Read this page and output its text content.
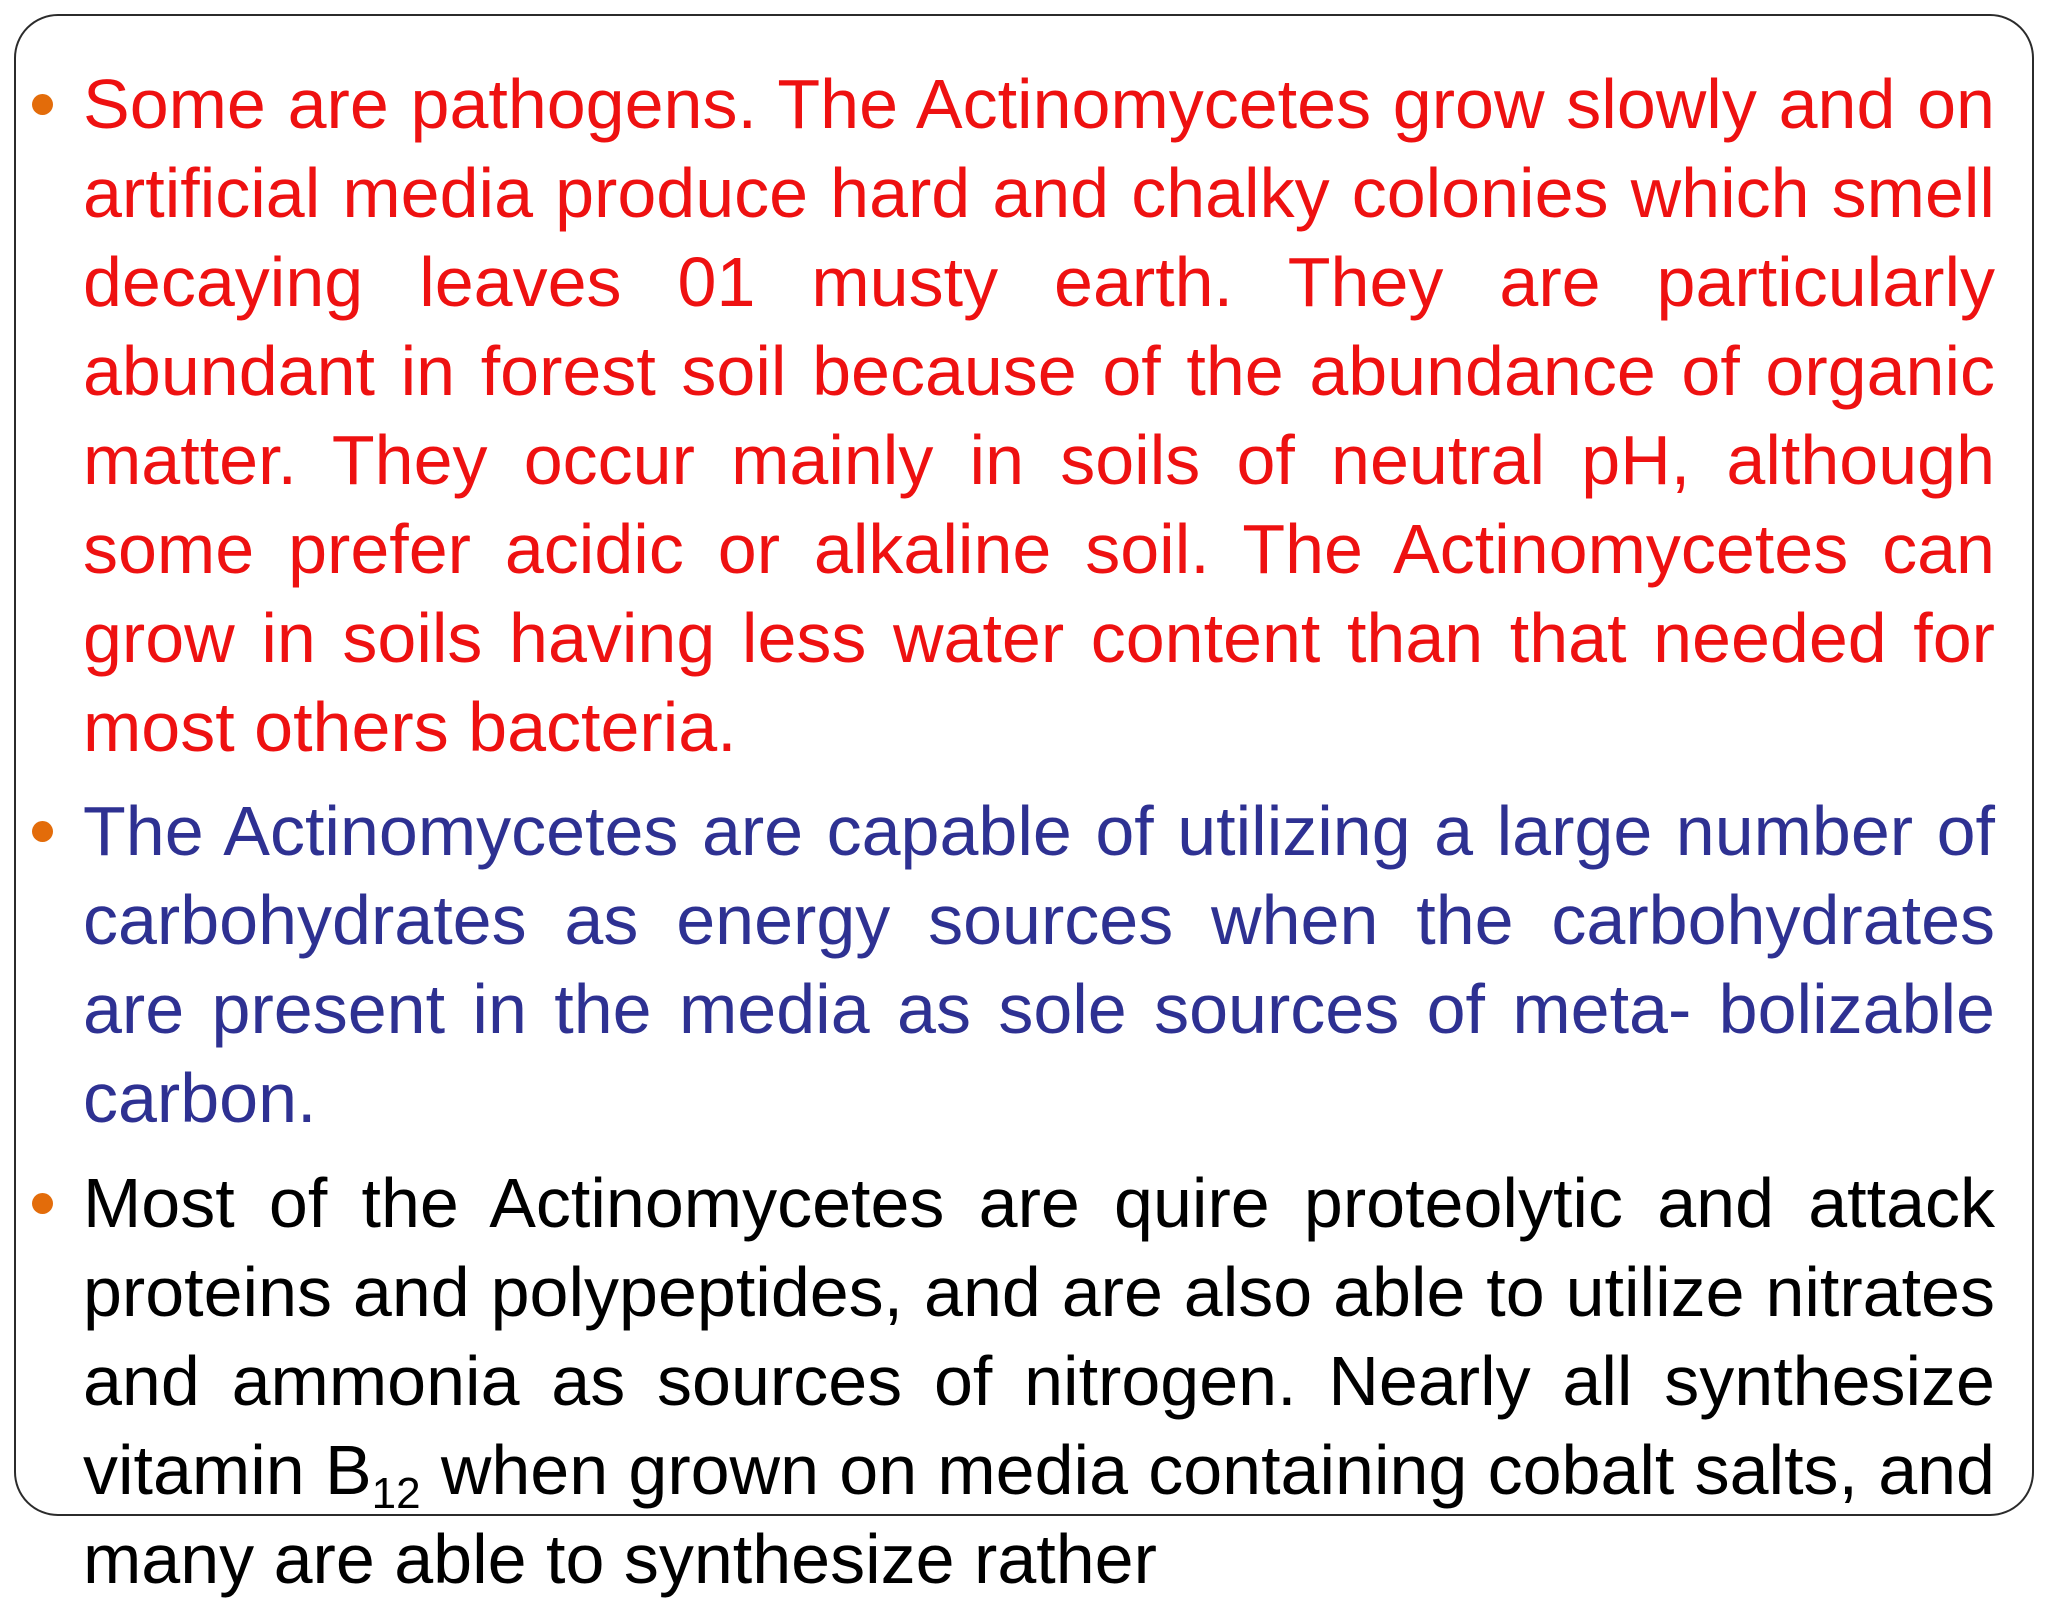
Some are pathogens. The Actinomycetes grow slowly and on artificial media produce hard and chalky colonies which smell decaying leaves 01 musty earth. They are particularly abundant in forest soil because of the abundance of organic matter. They occur mainly in soils of neutral pH, although some prefer acidic or alkaline soil. The Actinomycetes can grow in soils having less water content than that needed for most others bacteria.

The Actinomycetes are capable of utilizing a large number of carbohydrates as energy sources when the carbohydrates are present in the media as sole sources of meta- bolizable carbon.

Most of the Actinomycetes are quire proteolytic and attack proteins and polypeptides, and are also able to utilize nitrates and ammonia as sources of nitrogen. Nearly all synthesize vitamin $B_{12}$ when grown on media containing cobalt salts, and many are able to synthesize rather
